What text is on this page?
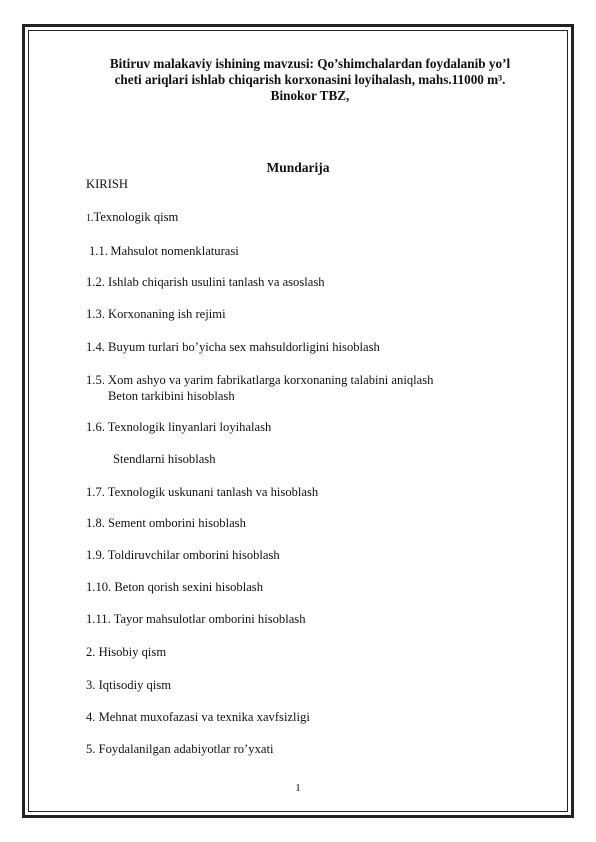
Bitiruv malakaviy ishining mavzusi: Qo’shimchalardan foydalanib yo’l
cheti ariqlari ishlab chiqarish korxonasini loyihalash, mahs.11000 m³.
Binokor TBZ,
Mundarija
KIRISH
1.Texnologik qism
1.1. Mahsulot nomenklaturasi
1.2. Ishlab chiqarish usulini tanlash va asoslash
1.3. Korxonaning ish rejimi
1.4. Buyum turlari bo’yicha sex mahsuldorligini hisoblash
1.5. Xom ashyo va yarim fabrikatlarga korxonaning talabini aniqlash
Beton tarkibini hisoblash
1.6. Texnologik linyanlari loyihalash
Stendlarni hisoblash
1.7. Texnologik uskunani tanlash va hisoblash
1.8. Sement omborini hisoblash
1.9. Toldiruvchilar omborini hisoblash
1.10. Beton qorish sexini hisoblash
1.11. Tayor mahsulotlar omborini hisoblash
2. Hisobiy qism
3. Iqtisodiy qism
4. Mehnat muxofazasi va texnika xavfsizligi
5. Foydalanilgan adabiyotlar ro’yxati
1
